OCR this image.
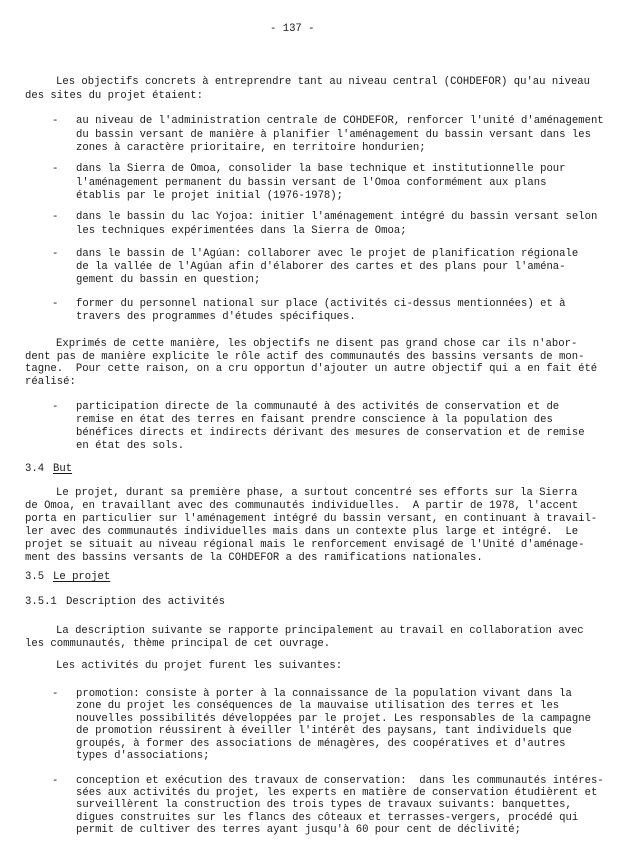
- 137 -
Les objectifs concrets à entreprendre tant au niveau central (COHDEFOR) qu'au niveau
des sites du projet étaient:
- au niveau de l'administration centrale de COHDEFOR, renforcer l'unité d'aménagement
du bassin versant de manière à planifier l'aménagement du bassin versant dans les
zones à caractère prioritaire, en territoire hondurien;
- dans la Sierra de Omoa, consolider la base technique et institutionnelle pour
l'aménagement permanent du bassin versant de l'Omoa conformément aux plans
établis par le projet initial (1976-1978);
- dans le bassin du lac Yojoa: initier l'aménagement intégré du bassin versant selon
les techniques expérimentées dans la Sierra de Omoa;
- dans le bassin de l'Agúan: collaborer avec le projet de planification régionale
de la vallée de l'Agúan afin d'élaborer des cartes et des plans pour l'aména-
gement du bassin en question;
- former du personnel national sur place (activités ci-dessus mentionnées) et à
travers des programmes d'études spécifiques.
Exprimés de cette manière, les objectifs ne disent pas grand chose car ils n'abor-
dent pas de manière explicite le rôle actif des communautés des bassins versants de mon-
tagne.  Pour cette raison, on a cru opportun d'ajouter un autre objectif qui a en fait été
réalisé:
- participation directe de la communauté à des activités de conservation et de
remise en état des terres en faisant prendre conscience à la population des
bénéfices directs et indirects dérivant des mesures de conservation et de remise
en état des sols.
3.4 But
Le projet, durant sa première phase, a surtout concentré ses efforts sur la Sierra
de Omoa, en travaillant avec des communautés individuelles.  A partir de 1978, l'accent
porta en particulier sur l'aménagement intégré du bassin versant, en continuant à travail-
ler avec des communautés individuelles mais dans un contexte plus large et intégré.  Le
projet se situait au niveau régional mais le renforcement envisagé de l'Unité d'aménage-
ment des bassins versants de la COHDEFOR a des ramifications nationales.
3.5 Le projet
3.5.1 Description des activités
La description suivante se rapporte principalement au travail en collaboration avec
les communautés, thème principal de cet ouvrage.
Les activités du projet furent les suivantes:
- promotion: consiste à porter à la connaissance de la population vivant dans la
zone du projet les conséquences de la mauvaise utilisation des terres et les
nouvelles possibilités développées par le projet. Les responsables de la campagne
de promotion réussirent à éveiller l'intérêt des paysans, tant individuels que
groupés, à former des associations de ménagères, des coopératives et d'autres
types d'associations;
- conception et exécution des travaux de conservation:  dans les communautés intéres-
sées aux activités du projet, les experts en matière de conservation étudièrent et
surveillèrent la construction des trois types de travaux suivants: banquettes,
digues construites sur les flancs des côteaux et terrasses-vergers, procédé qui
permit de cultiver des terres ayant jusqu'à 60 pour cent de déclivité;
